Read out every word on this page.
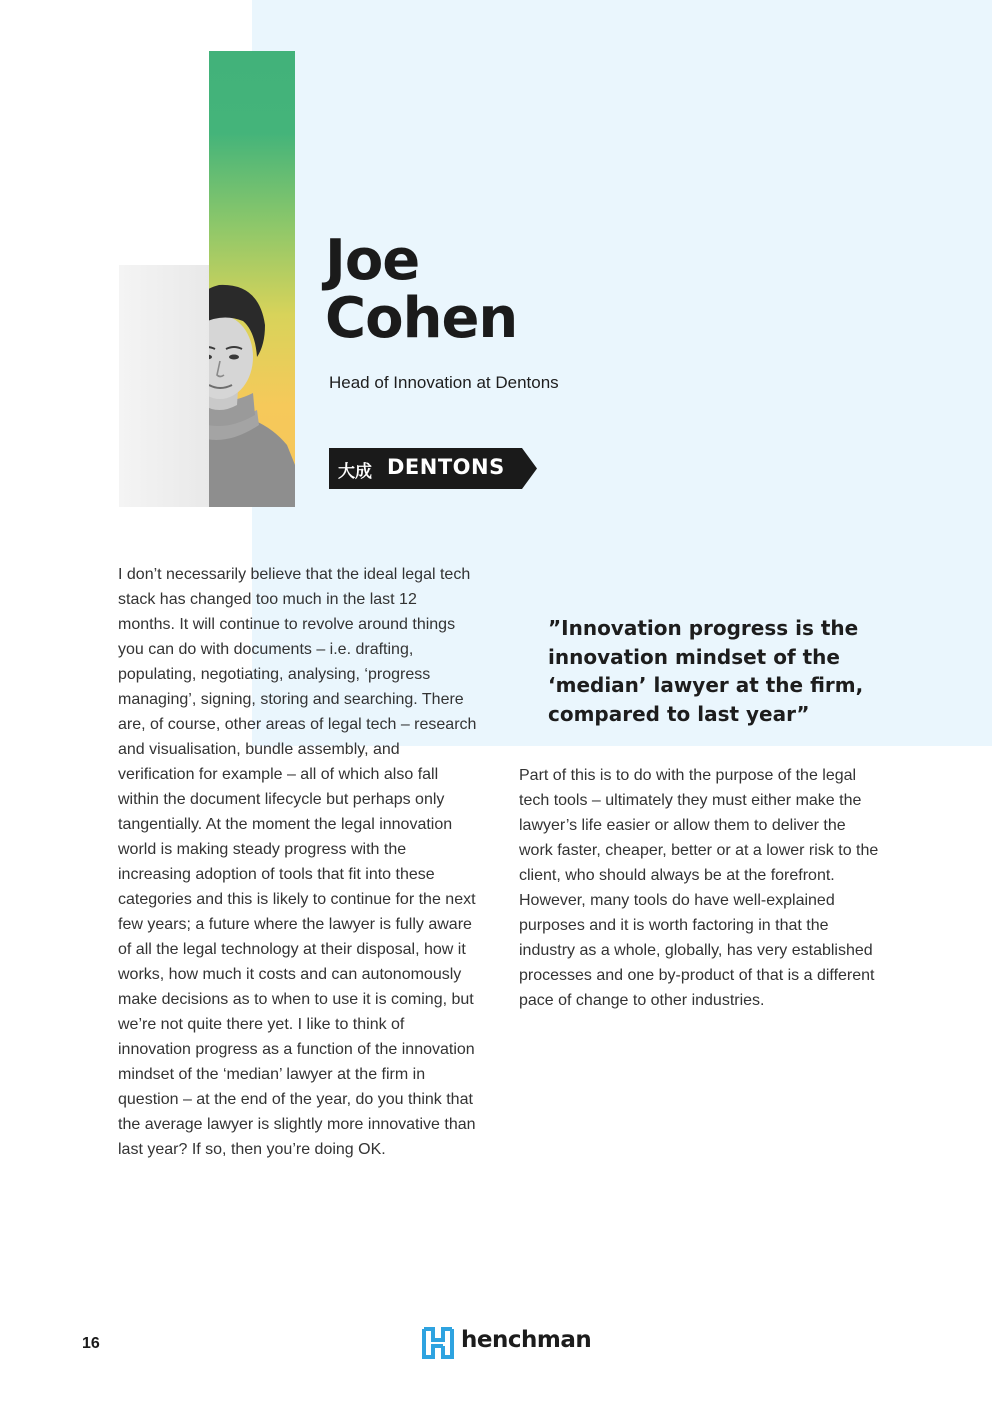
Joe
Cohen
Head of Innovation at Dentons
大成 DENTONS

I don’t necessarily believe that the ideal legal tech stack has changed too much in the last 12 months. It will continue to revolve around things you can do with documents – i.e. drafting, populating, negotiating, analysing, ‘progress managing’, signing, storing and searching. There are, of course, other areas of legal tech – research and visualisation, bundle assembly, and verification for example – all of which also fall within the document lifecycle but perhaps only tangentially. At the moment the legal innovation world is making steady progress with the increasing adoption of tools that fit into these categories and this is likely to continue for the next few years; a future where the lawyer is fully aware of all the legal technology at their disposal, how it works, how much it costs and can autonomously make decisions as to when to use it is coming, but we’re not quite there yet. I like to think of innovation progress as a function of the innovation mindset of the ‘median’ lawyer at the firm in question – at the end of the year, do you think that the average lawyer is slightly more innovative than last year? If so, then you’re doing OK.

”Innovation progress is the innovation mindset of the ‘median’ lawyer at the firm, compared to last year”

Part of this is to do with the purpose of the legal tech tools – ultimately they must either make the lawyer’s life easier or allow them to deliver the work faster, cheaper, better or at a lower risk to the client, who should always be at the forefront. However, many tools do have well-explained purposes and it is worth factoring in that the industry as a whole, globally, has very established processes and one by-product of that is a different pace of change to other industries.

16	henchman
